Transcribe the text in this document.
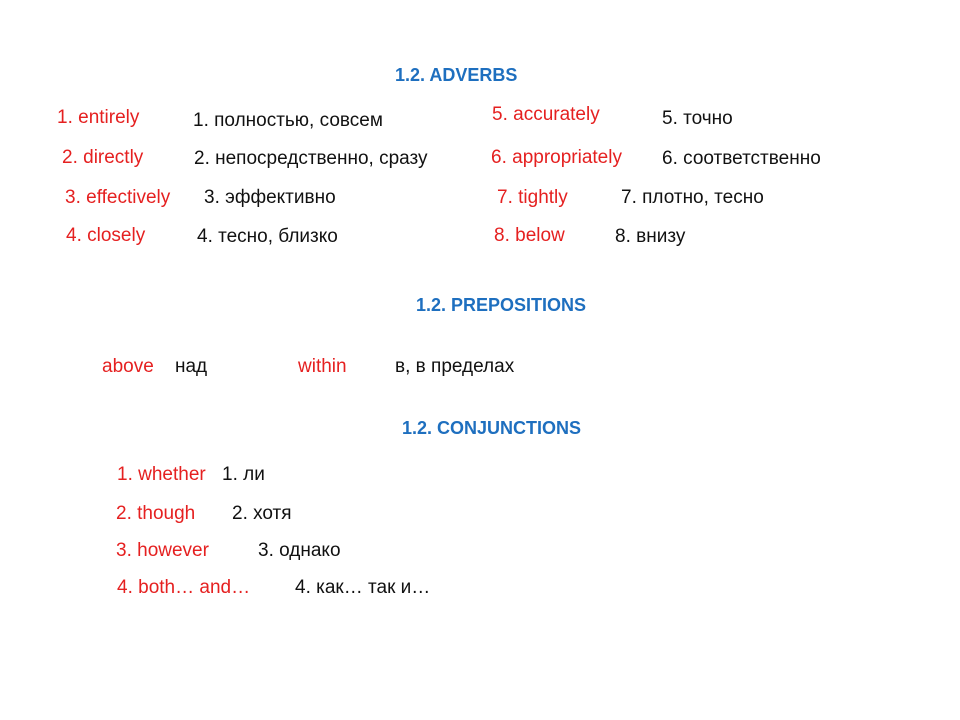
1.2. ADVERBS
1.2. PREPOSITIONS
1.2. CONJUNCTIONS
1. entirely	1. полностью, совсем
2. directly	2. непосредственно, сразу
3. effectively 3. эффективно
4. closely	4. тесно, близко
5. accurately	5. точно
6. appropriately 6. соответственно
7. tightly	7. плотно, тесно
8. below	8. внизу
above над	within	в, в пределах
1. whether 1. ли
2. though 2. хотя
3. however	3. однако
4. both… and… 4. как… так и…
